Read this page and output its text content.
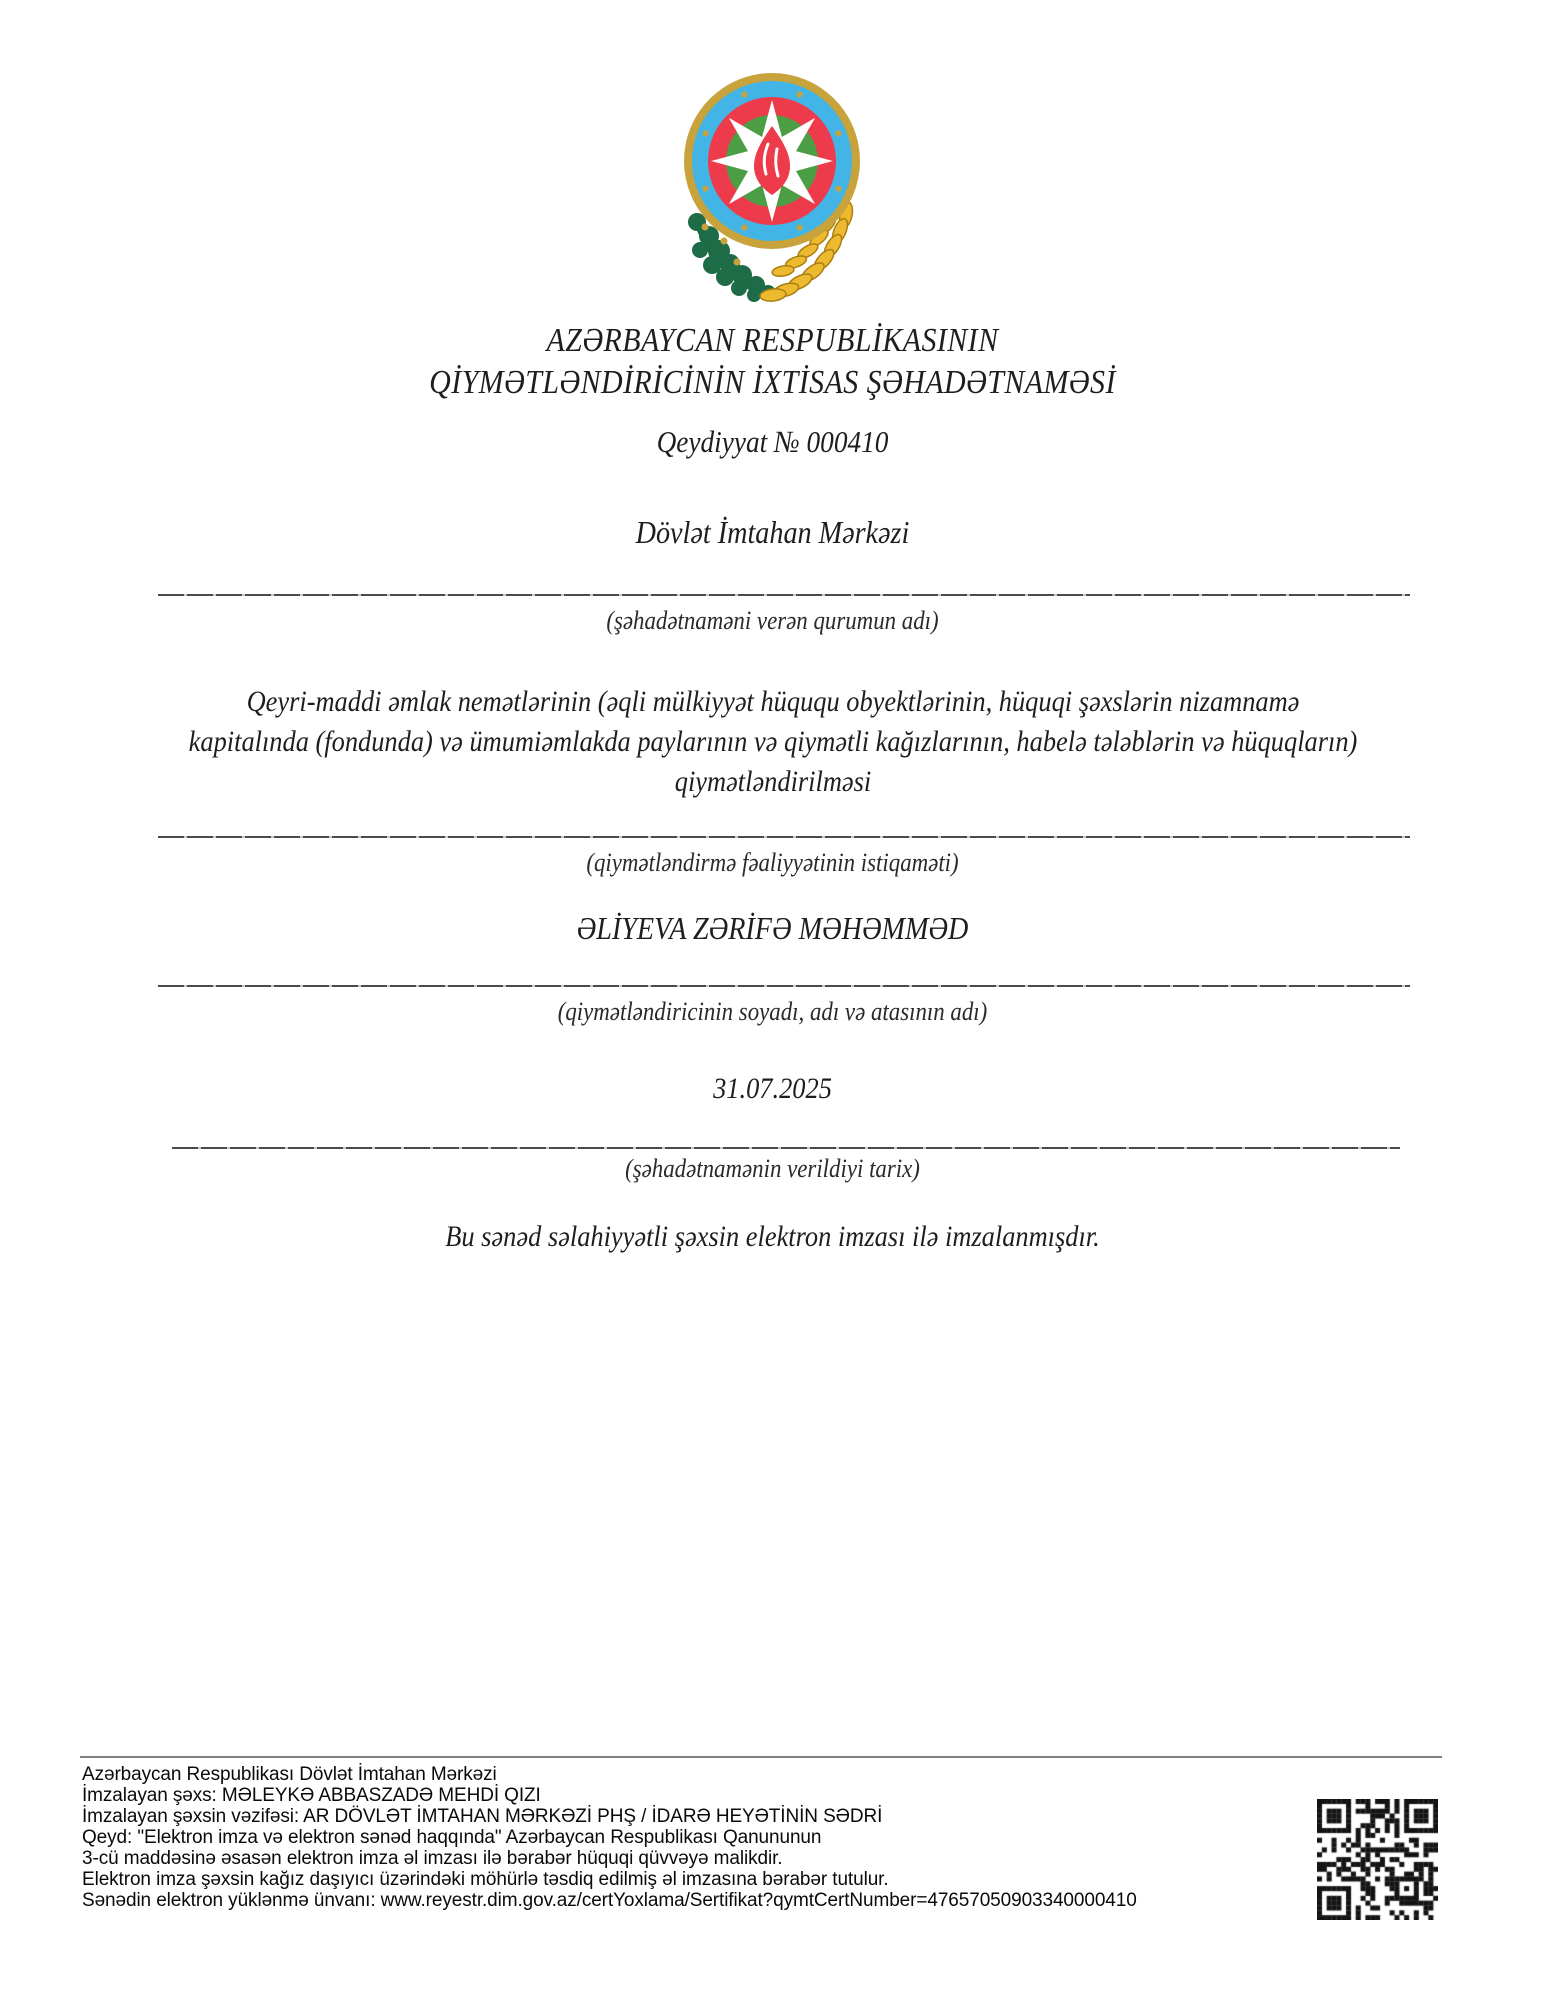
AZƏRBAYCAN RESPUBLİKASININ
QİYMƏTLƏNDİRİCİNİN İXTİSAS ŞƏHADƏTNAMƏSİ
Qeydiyyat № 000410
Dövlət İmtahan Mərkəzi
(şəhadətnaməni verən qurumun adı)
Qeyri-maddi əmlak nemətlərinin (əqli mülkiyyət hüququ obyektlərinin, hüquqi şəxslərin nizamnamə kapitalında (fondunda) və ümumiəmlakda paylarının və qiymətli kağızlarının, habelə tələblərin və hüquqların) qiymətləndirilməsi
(qiymətləndirmə fəaliyyətinin istiqaməti)
ƏLİYEVA ZƏRİFƏ MƏHƏMMƏD
(qiymətləndiricinin soyadı, adı və atasının adı)
31.07.2025
(şəhadətnamənin verildiyi tarix)
Bu sənəd səlahiyyətli şəxsin elektron imzası ilə imzalanmışdır.
Azərbaycan Respublikası Dövlət İmtahan Mərkəzi
İmzalayan şəxs: MƏLEYKƏ ABBASZADƏ MEHDİ QIZI
İmzalayan şəxsin vəzifəsi: AR DÖVLƏT İMTAHAN MƏRKƏZİ PHŞ / İDARƏ HEYƏTİNİN SƏDRİ
Qeyd: "Elektron imza və elektron sənəd haqqında" Azərbaycan Respublikası Qanununun
3-cü maddəsinə əsasən elektron imza əl imzası ilə bərabər hüquqi qüvvəyə malikdir.
Elektron imza şəxsin kağız daşıyıcı üzərindəki möhürlə təsdiq edilmiş əl imzasına bərabər tutulur.
Sənədin elektron yüklənmə ünvanı: www.reyestr.dim.gov.az/certYoxlama/Sertifikat?qymtCertNumber=47657050903340000410
